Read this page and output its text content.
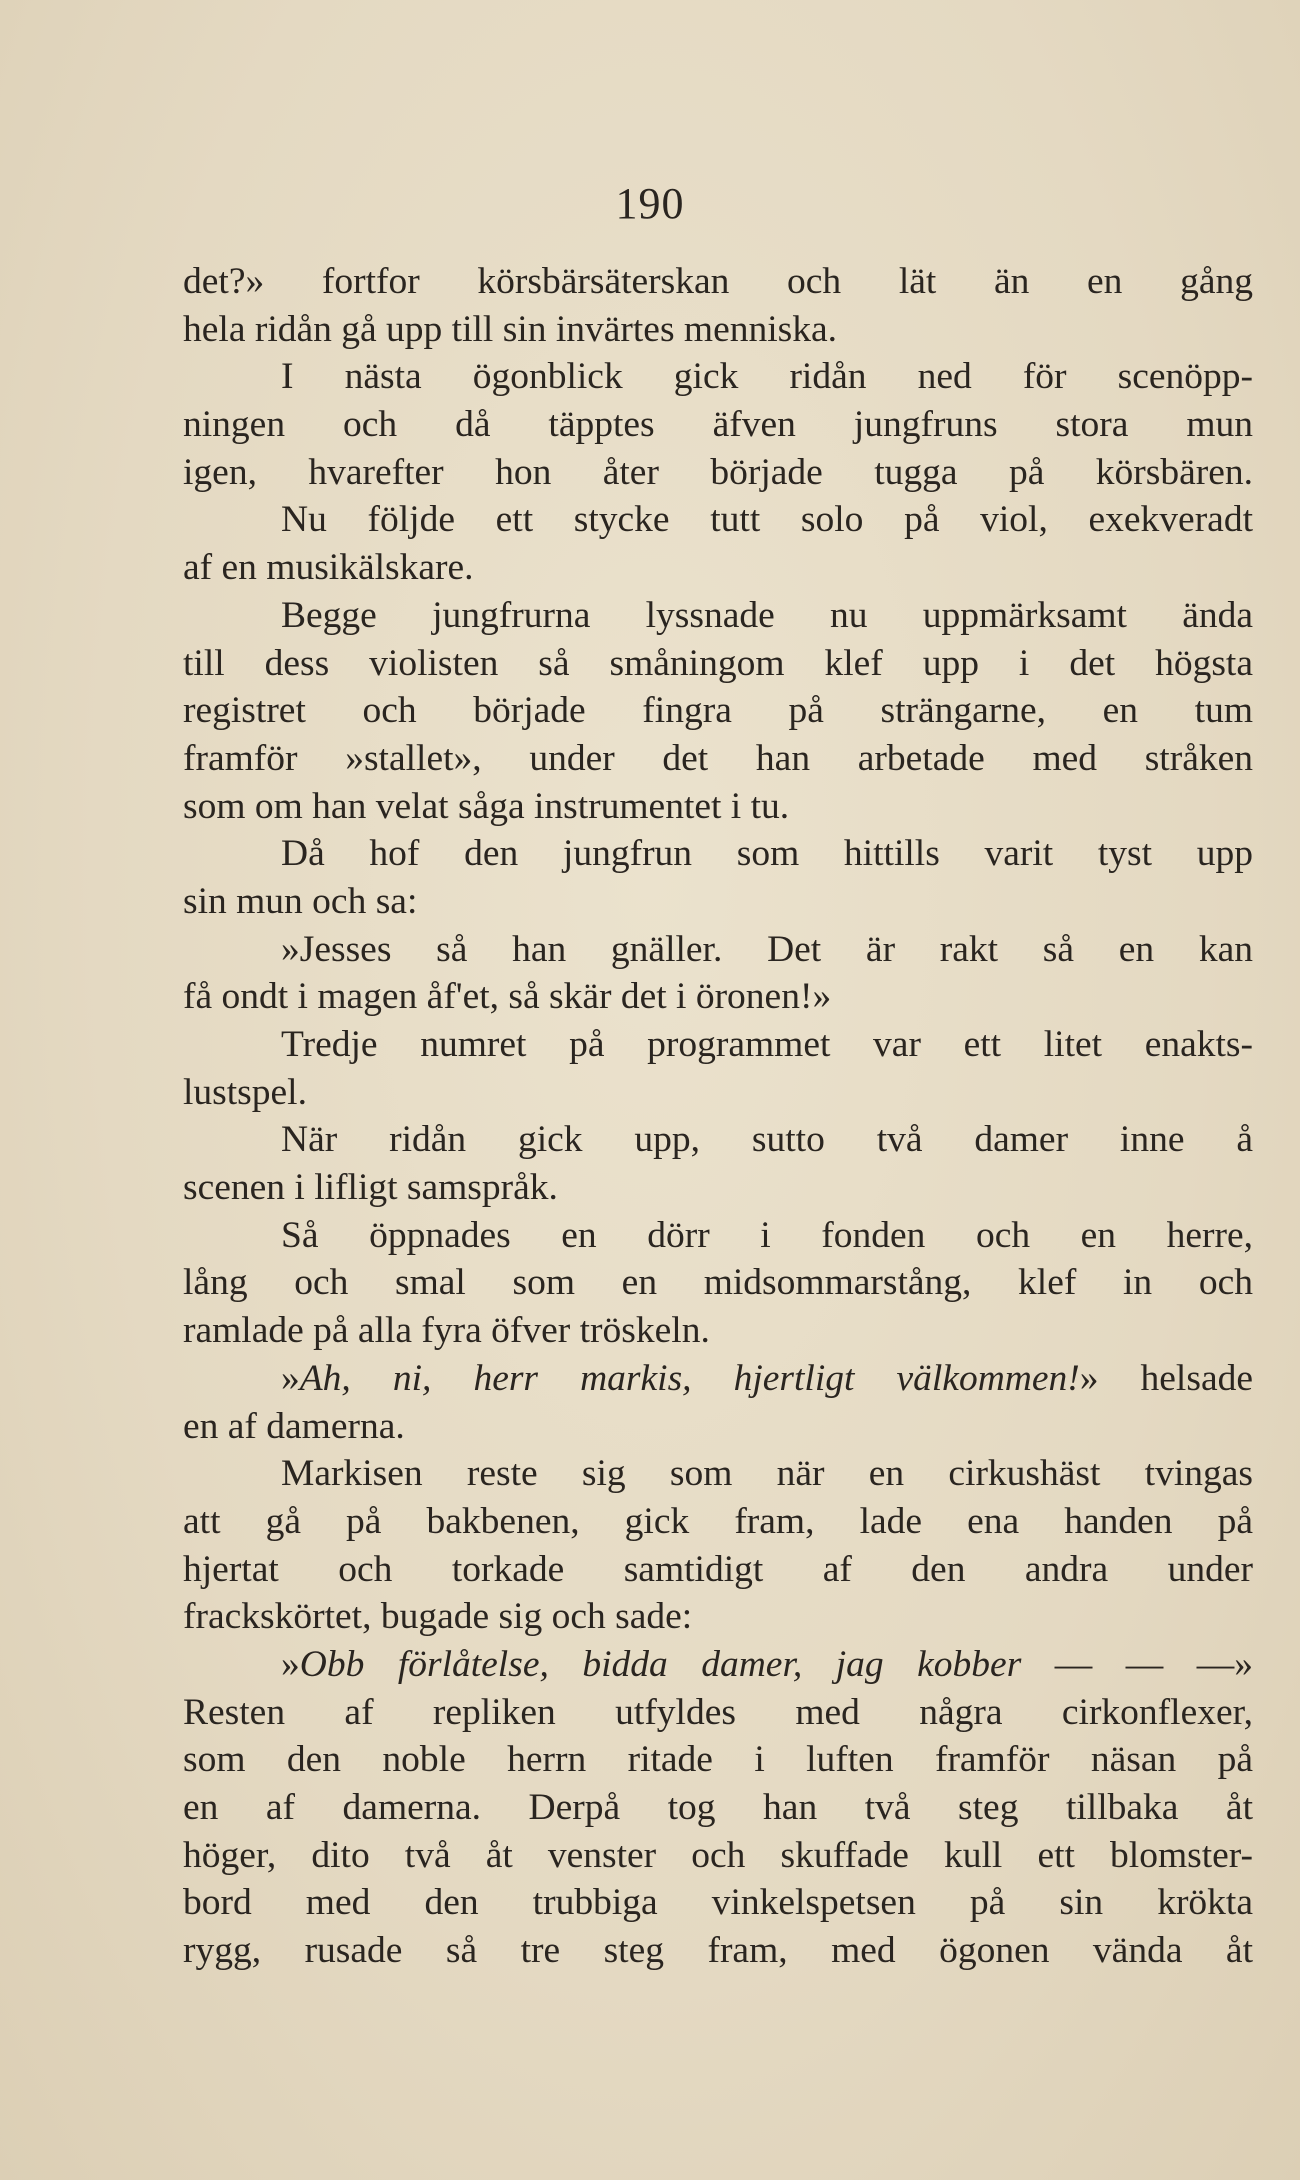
190
det?» fortfor körsbärsäterskan och lät än en gång
hela ridån gå upp till sin invärtes menniska.
I nästa ögonblick gick ridån ned för scenöpp-
ningen och då täpptes äfven jungfruns stora mun
igen, hvarefter hon åter började tugga på körsbären.
Nu följde ett stycke tutt solo på viol, exekveradt
af en musikälskare.
Begge jungfrurna lyssnade nu uppmärksamt ända
till dess violisten så småningom klef upp i det högsta
registret och började fingra på strängarne, en tum
framför »stallet», under det han arbetade med stråken
som om han velat såga instrumentet i tu.
Då hof den jungfrun som hittills varit tyst upp
sin mun och sa:
»Jesses så han gnäller. Det är rakt så en kan
få ondt i magen åf'et, så skär det i öronen!»
Tredje numret på programmet var ett litet enakts-
lustspel.
När ridån gick upp, sutto två damer inne å
scenen i lifligt samspråk.
Så öppnades en dörr i fonden och en herre,
lång och smal som en midsommarstång, klef in och
ramlade på alla fyra öfver tröskeln.
»Ah, ni, herr markis, hjertligt välkommen!» helsade
en af damerna.
Markisen reste sig som när en cirkushäst tvingas
att gå på bakbenen, gick fram, lade ena handen på
hjertat och torkade samtidigt af den andra under
frackskörtet, bugade sig och sade:
»Obb förlåtelse, bidda damer, jag kobber — — —»
Resten af repliken utfyldes med några cirkonflexer,
som den noble herrn ritade i luften framför näsan på
en af damerna. Derpå tog han två steg tillbaka åt
höger, dito två åt venster och skuffade kull ett blomster-
bord med den trubbiga vinkelspetsen på sin krökta
rygg, rusade så tre steg fram, med ögonen vända åt
